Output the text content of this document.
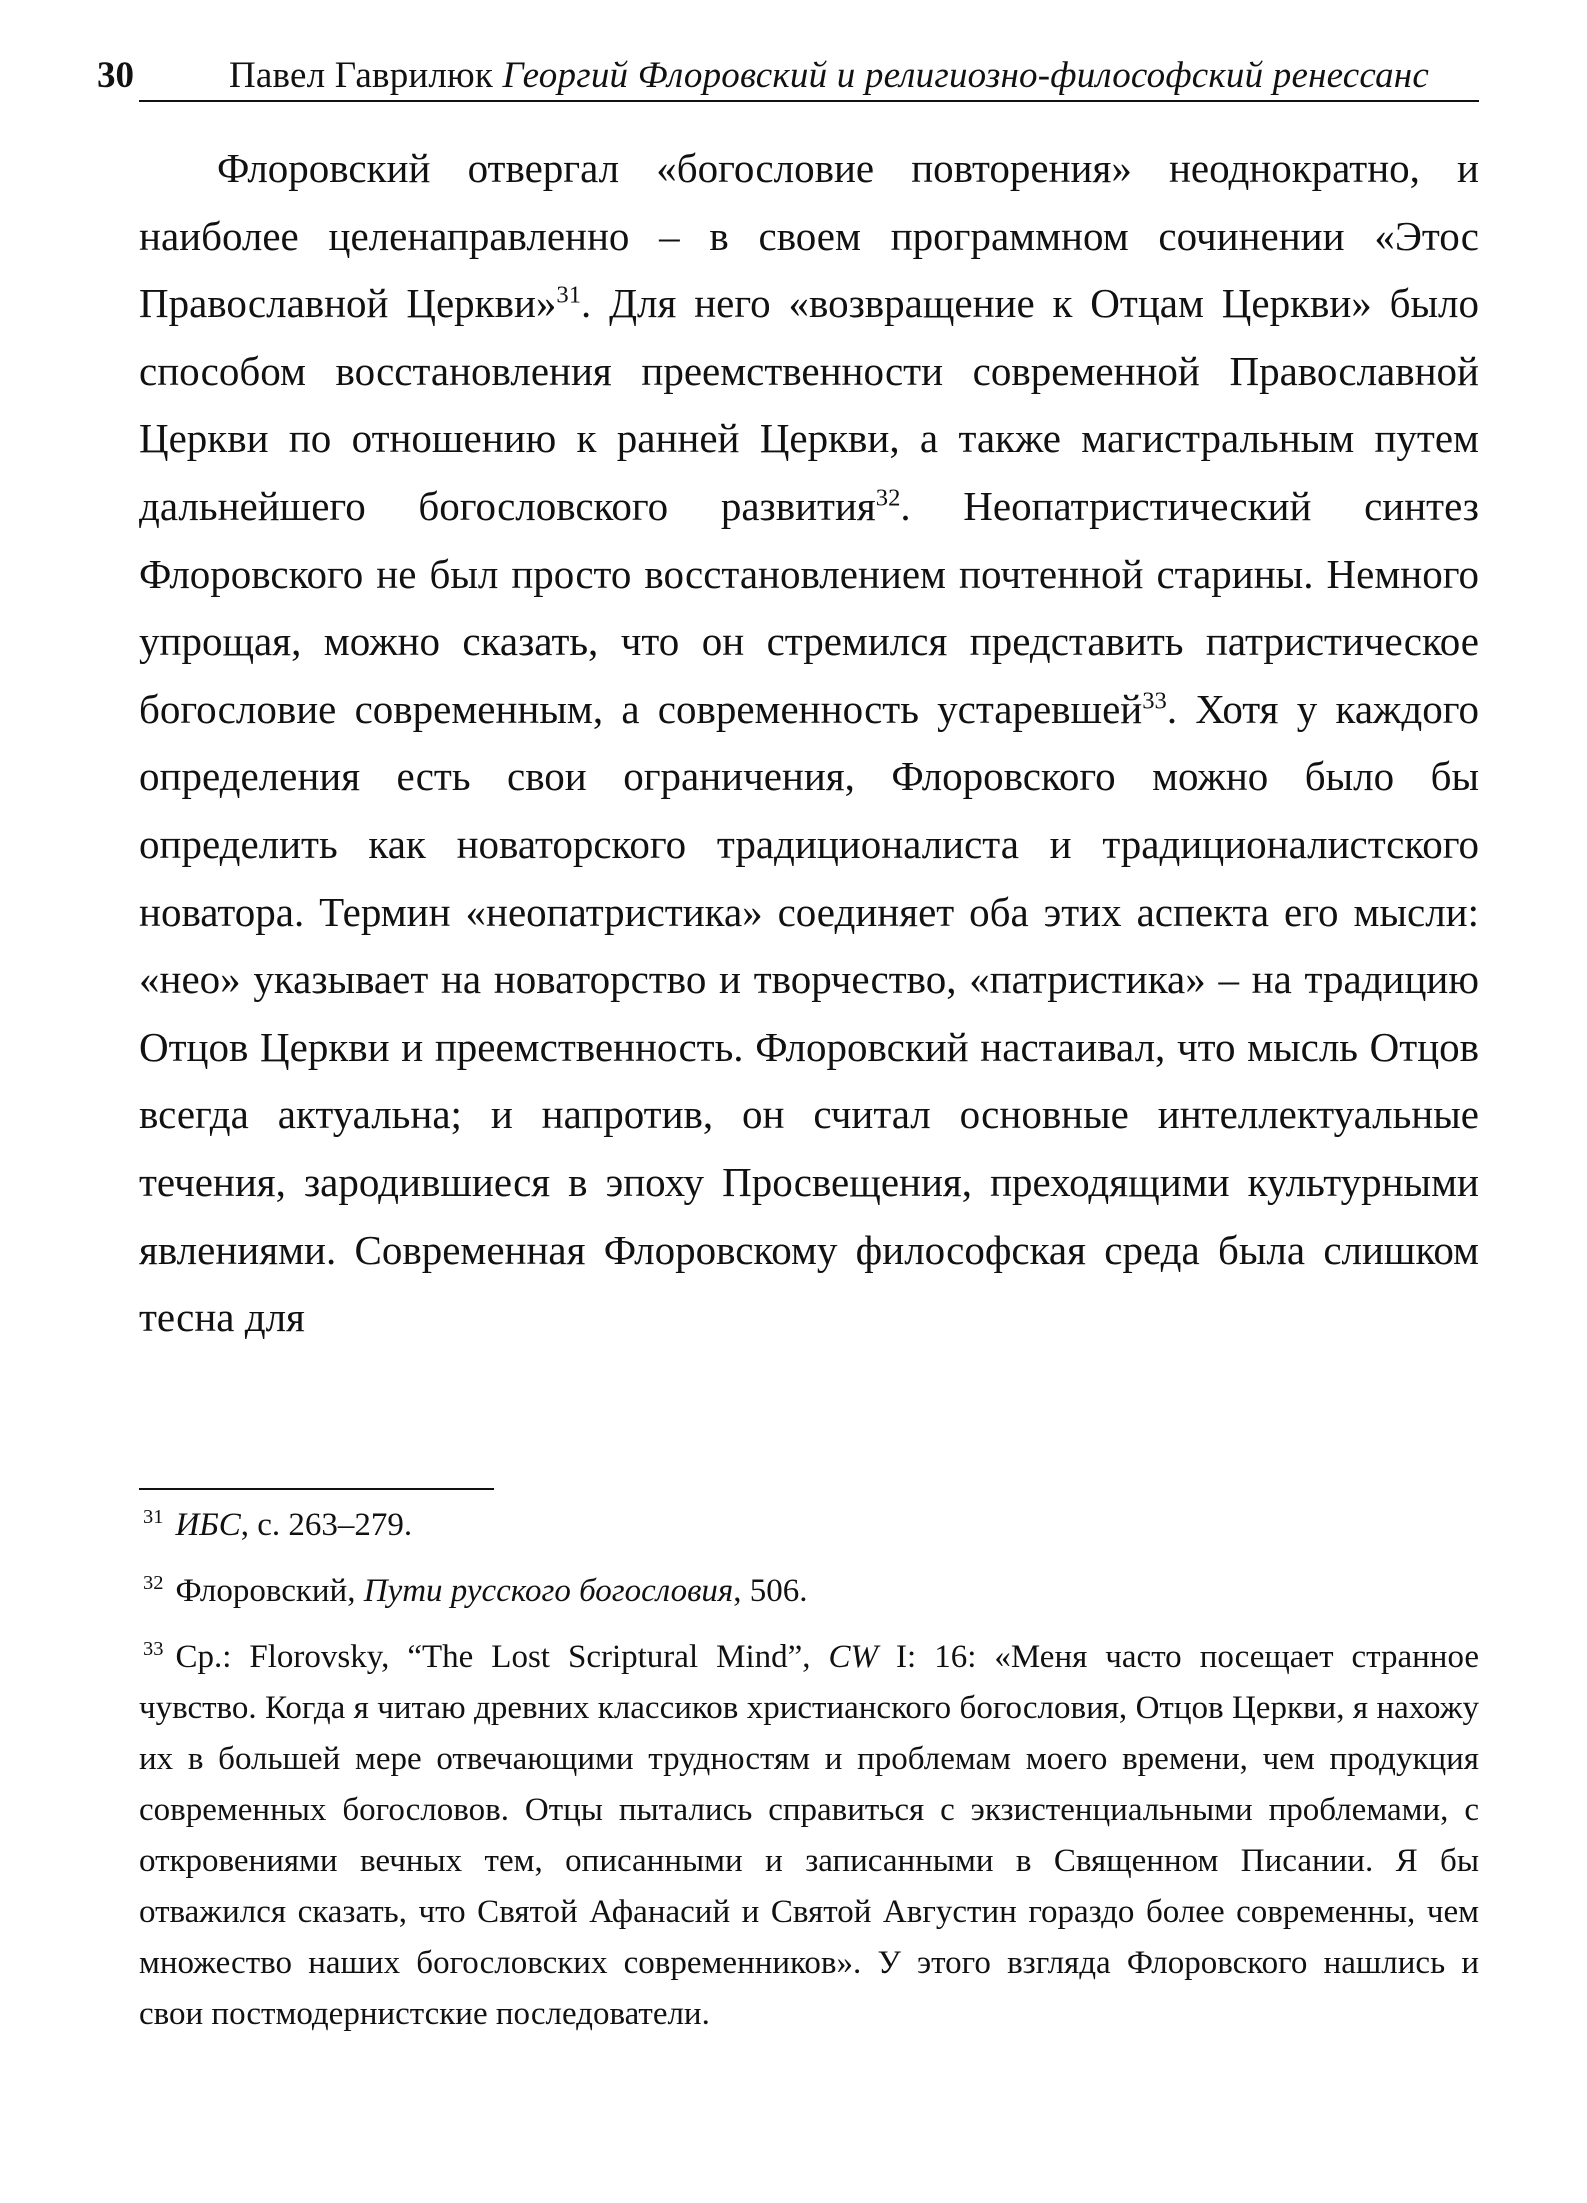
30	Павел Гаврилюк Георгий Флоровский и религиозно-философский ренессанс

Флоровский отвергал «богословие повторения» неоднократно, и наиболее целенаправленно – в своем программном сочинении «Этос Православной Церкви»$^{31}$. Для него «возвращение к Отцам Церкви» было способом восстановления преемственности современной Православной Церкви по отношению к ранней Церкви, а также магистральным путем дальнейшего богословского развития$^{32}$. Неопатристический синтез Флоровского не был просто восстановлением почтенной старины. Немного упрощая, можно сказать, что он стремился представить патристическое богословие современным, а современность устаревшей$^{33}$. Хотя у каждого определения есть свои ограничения, Флоровского можно было бы определить как новаторского традиционалиста и традиционалистского новатора. Термин «неопатристика» соединяет оба этих аспекта его мысли: «нео» указывает на новаторство и творчество, «патристика» – на традицию Отцов Церкви и преемственность. Флоровский настаивал, что мысль Отцов всегда актуальна; и напротив, он считал основные интеллектуальные течения, зародившиеся в эпоху Просвещения, преходящими культурными явлениями. Современная Флоровскому философская среда была слишком тесна для

$^{31}$ ИБС, с. 263–279.

$^{32}$ Флоровский, Пути русского богословия, 506.

$^{33}$ Ср.: Florovsky, “The Lost Scriptural Mind”, CW I: 16: «Меня часто посещает странное чувство. Когда я читаю древних классиков христианского богословия, Отцов Церкви, я нахожу их в большей мере отвечающими трудностям и проблемам моего времени, чем продукция современных богословов. Отцы пытались справиться с экзистенциальными проблемами, с откровениями вечных тем, описанными и записанными в Священном Писании. Я бы отважился сказать, что Святой Афанасий и Святой Августин гораздо более современны, чем множество наших богословских современников». У этого взгляда Флоровского нашлись и свои постмодернистские последователи.
